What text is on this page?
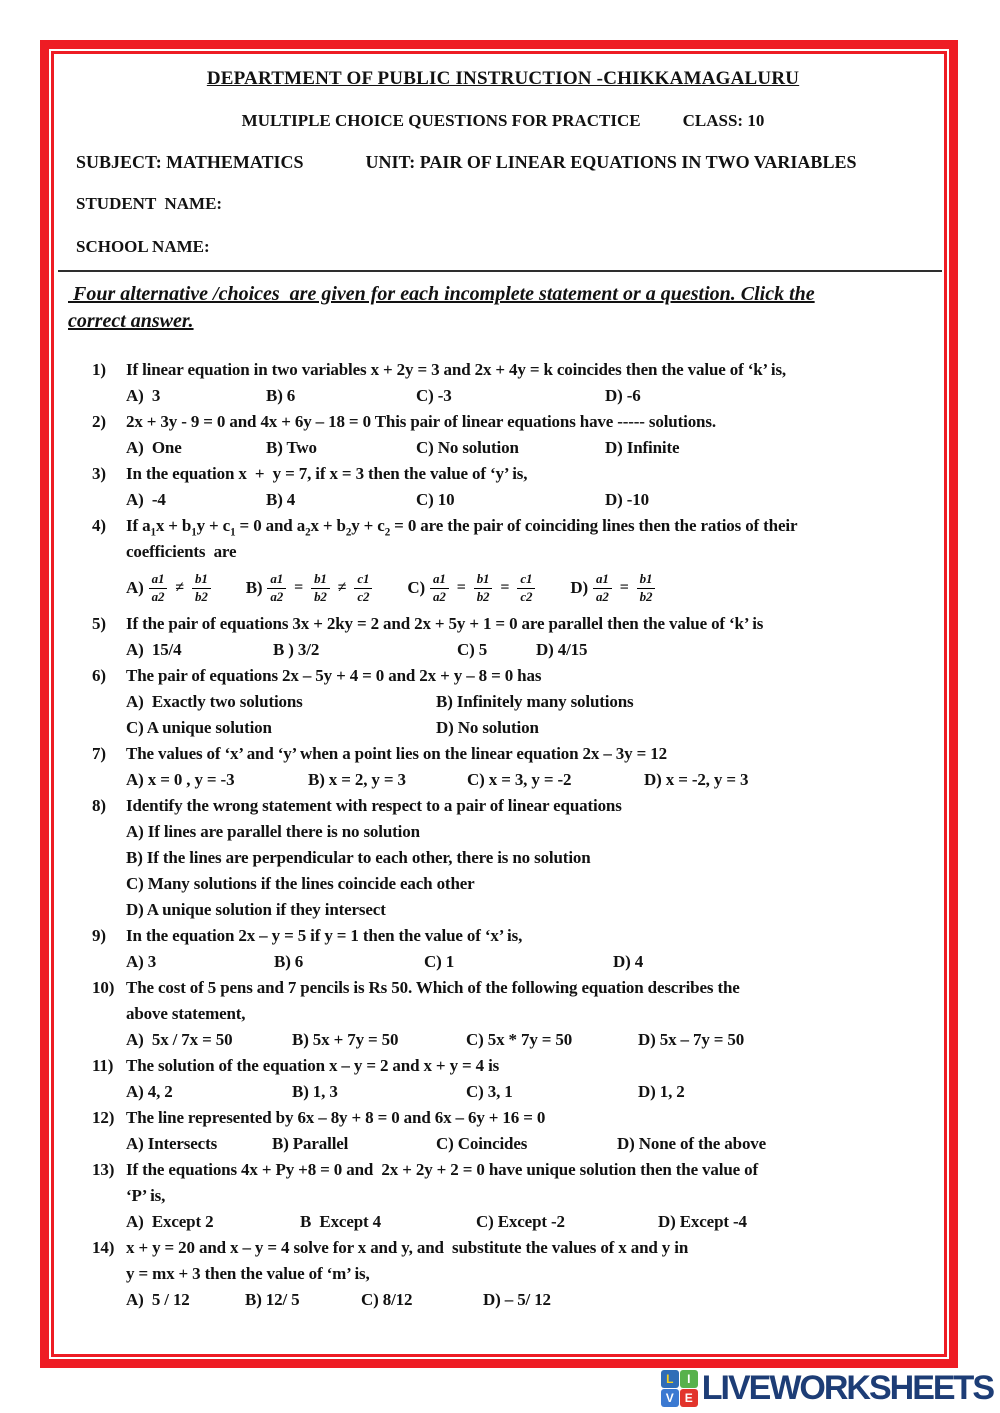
DEPARTMENT OF PUBLIC INSTRUCTION -CHIKKAMAGALURU
MULTIPLE CHOICE QUESTIONS FOR PRACTICE CLASS: 10
SUBJECT: MATHEMATICS	UNIT: PAIR OF LINEAR EQUATIONS IN TWO VARIABLES
STUDENT  NAME:
SCHOOL NAME:
Four alternative /choices  are given for each incomplete statement or a question. Click the
correct answer.
1) If linear equation in two variables x + 2y = 3 and 2x + 4y = k coincides then the value of ‘k’ is,
A)  3	B) 6	C) -3	D) -6
2) 2x + 3y - 9 = 0 and 4x + 6y – 18 = 0 This pair of linear equations have ----- solutions.
A)  One	B) Two	C) No solution	D) Infinite
3) In the equation x  +  y = 7, if x = 3 then the value of ‘y’ is,
A)  -4	B) 4	C) 10	D) -10
4) If $a_1x + b_1y + c_1 = 0$ and $a_2x + b_2y + c_2 = 0$ are the pair of coinciding lines then the ratios of their
coefficients  are
$A) \frac{a1}{a2} \ne \frac{b1}{b2} B) \frac{a1}{a2} = \frac{b1}{b2} \ne \frac{c1}{c2} C) \frac{a1}{a2} = \frac{b1}{b2} = \frac{c1}{c2} D) \frac{a1}{a2} = \frac{b1}{b2}$
5) If the pair of equations 3x + 2ky = 2 and 2x + 5y + 1 = 0 are parallel then the value of ‘k’ is
A)  15/4	B ) 3/2	C) 5	D) 4/15
6) The pair of equations 2x – 5y + 4 = 0 and 2x + y – 8 = 0 has
A)  Exactly two solutions	B) Infinitely many solutions
C) A unique solution	D) No solution
7) The values of ‘x’ and ‘y’ when a point lies on the linear equation 2x – 3y = 12
A) x = 0 , y = -3	B) x = 2, y = 3	C) x = 3, y = -2	D) x = -2, y = 3
8) Identify the wrong statement with respect to a pair of linear equations
A) If lines are parallel there is no solution
B) If the lines are perpendicular to each other, there is no solution
C) Many solutions if the lines coincide each other
D) A unique solution if they intersect
9) In the equation 2x – y = 5 if y = 1 then the value of ‘x’ is,
A) 3	B) 6	C) 1	D) 4
10) The cost of 5 pens and 7 pencils is Rs 50. Which of the following equation describes the
above statement,
A)  5x / 7x = 50	B) 5x + 7y = 50	C) 5x * 7y = 50	D) 5x – 7y = 50
11) The solution of the equation x – y = 2 and x + y = 4 is
A) 4, 2	B) 1, 3	C) 3, 1	D) 1, 2
12) The line represented by 6x – 8y + 8 = 0 and 6x – 6y + 16 = 0
A) Intersects	B) Parallel	C) Coincides	D) None of the above
13) If the equations 4x + Py +8 = 0 and  2x + 2y + 2 = 0 have unique solution then the value of
‘P’ is,
A)  Except 2	B  Except 4	C) Except -2	D) Except -4
14) x + y = 20 and x – y = 4 solve for x and y, and  substitute the values of x and y in
y = mx + 3 then the value of ‘m’ is,
A)  5 / 12	B) 12/ 5	C) 8/12	D) – 5/ 12
L	I
V E LIVEWORKSHEETS
